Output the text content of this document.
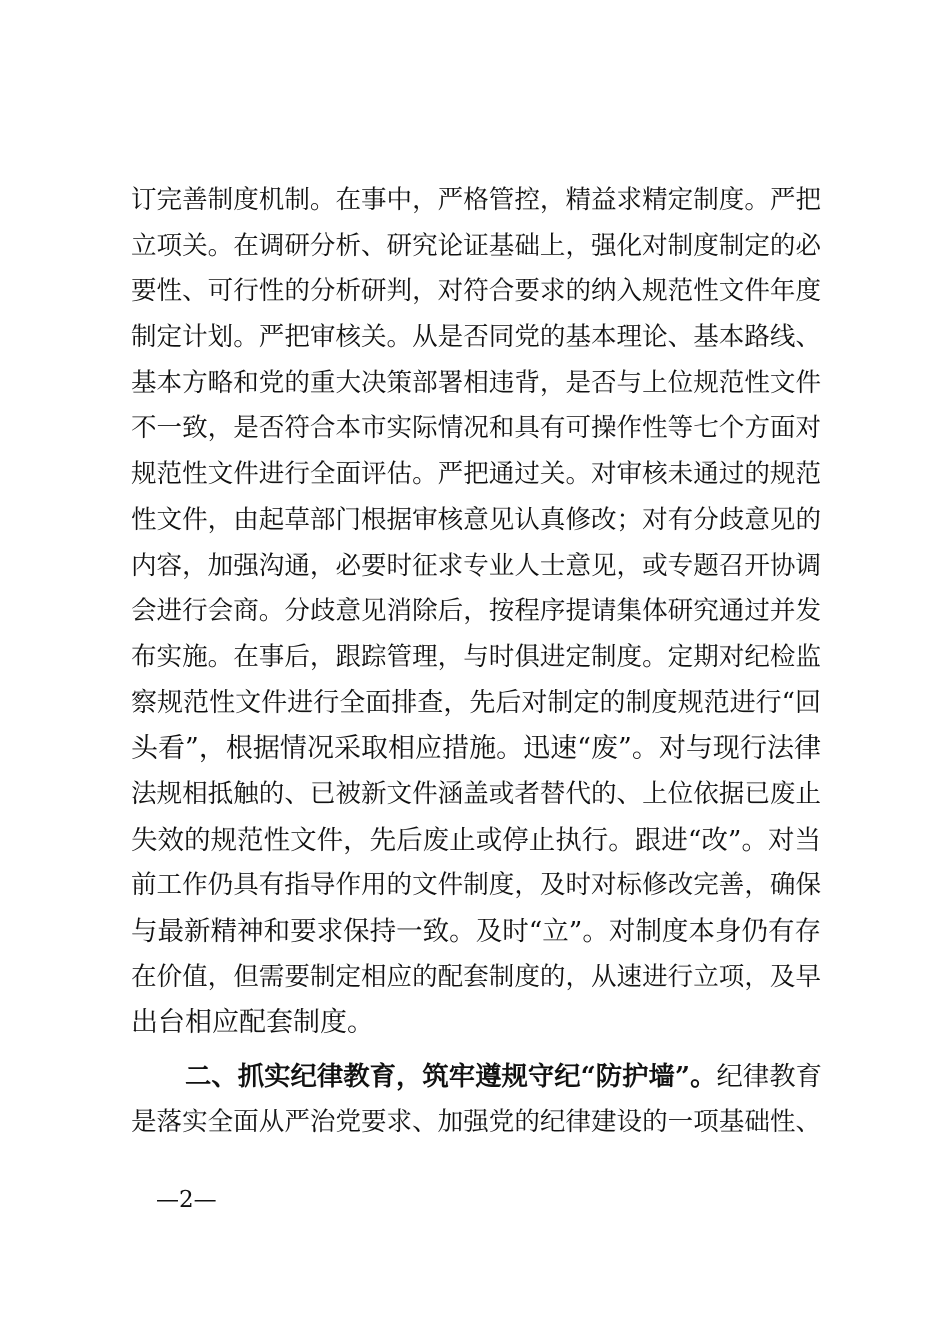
订完善制度机制。在事中，严格管控，精益求精定制度。严把
立项关。在调研分析、研究论证基础上，强化对制度制定的必
要性、可行性的分析研判，对符合要求的纳入规范性文件年度
制定计划。严把审核关。从是否同党的基本理论、基本路线、
基本方略和党的重大决策部署相违背，是否与上位规范性文件
不一致，是否符合本市实际情况和具有可操作性等七个方面对
规范性文件进行全面评估。严把通过关。对审核未通过的规范
性文件，由起草部门根据审核意见认真修改；对有分歧意见的
内容，加强沟通，必要时征求专业人士意见，或专题召开协调
会进行会商。分歧意见消除后，按程序提请集体研究通过并发
布实施。在事后，跟踪管理，与时俱进定制度。定期对纪检监
察规范性文件进行全面排查，先后对制定的制度规范进行“回
头看”，根据情况采取相应措施。迅速“废”。对与现行法律
法规相抵触的、已被新文件涵盖或者替代的、上位依据已废止
失效的规范性文件，先后废止或停止执行。跟进“改”。对当
前工作仍具有指导作用的文件制度，及时对标修改完善，确保
与最新精神和要求保持一致。及时“立”。对制度本身仍有存
在价值，但需要制定相应的配套制度的，从速进行立项，及早
出台相应配套制度。
二、抓实纪律教育，筑牢遵规守纪“防护墙”。纪律教育
是落实全面从严治党要求、加强党的纪律建设的一项基础性、
—2—
